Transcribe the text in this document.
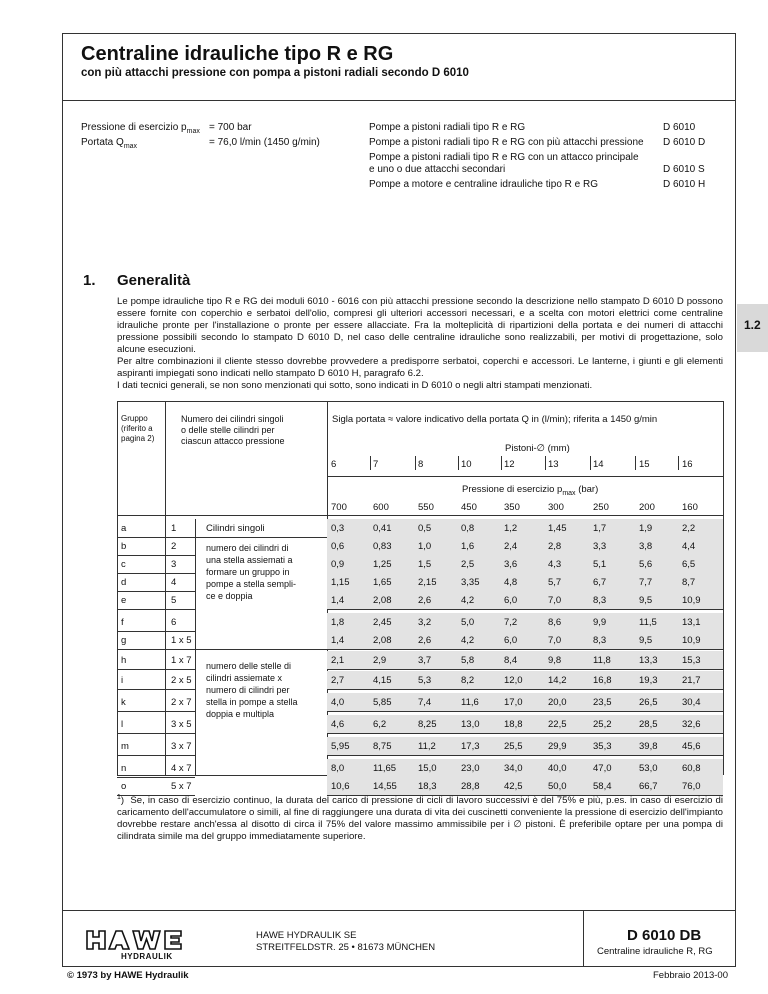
Centraline idrauliche tipo R e RG
con più attacchi pressione con pompa a pistoni radiali secondo D 6010
Pressione di esercizio $p_{max} = 700$ bar
Portata $Q_{max}$	= 76,0 l/min (1450 g/min)
Pompe a pistoni radiali tipo R e RG	D 6010
Pompe a pistoni radiali tipo R e RG con più attacchi pressione D 6010 D
Pompe a pistoni radiali tipo R e RG con un attacco principale
e uno o due attacchi secondari	D 6010 S
Pompe a motore e centraline idrauliche tipo R e RG	D 6010 H
1. Generalità

Le pompe idrauliche tipo R e RG dei moduli 6010 - 6016 con più attacchi pressione secondo la descrizione nello stampato D 6010 D possono essere fornite con coperchio e serbatoi dell'olio, compresi gli ulteriori accessori necessari, e a scelta con motori elettrici come centraline idrauliche pronte per l'installazione o pronte per essere allacciate. Fra la molteplicità di ripartizioni della portata e dei numeri di attacchi pressione possibili secondo lo stampato D 6010 D, nel caso delle centraline idrauliche sono realizzabili, per motivi di progettazione, solo alcune esecuzioni.

Per altre combinazioni il cliente stesso dovrebbe provvedere a predisporre serbatoi, coperchi e accessori. Le lanterne, i giunti e gli elementi aspiranti impiegati sono indicati nello stampato D 6010 H, paragrafo 6.2.

I dati tecnici generali, se non sono menzionati qui sotto, sono indicati in D 6010 o negli altri stampati menzionati.

1.2
Gruppo
(riferito a
pagina 2)
Numero dei cilindri singoli
o delle stelle cilindri per
ciascun attacco pressione
Sigla portata ≈ valore indicativo della portata Q in (l/min); riferita a 1450 g/min
Pistoni-∅ (mm)
6	7	8	10	12	13	14	15	16
Pressione di esercizio $p_{max}$ (bar)
700	600	550	450	350	300	250	200	160
a	1	0,3	0,41	0,5	0,8	1,2	1,45	1,7	1,9	2,2
b	2	0,6	0,83	1,0	1,6	2,4	2,8	3,3	3,8	4,4
c	3	0,9	1,25	1,5	2,5	3,6	4,3	5,1	5,6	6,5
d	4	1,15 1,65	2,15	3,35	4,8	5,7	6,7	7,7	8,7
e	5	1,4	2,08	2,6	4,2	6,0	7,0	8,3	9,5	10,9
f	6	1,8	2,45	3,2	5,0	7,2	8,6	9,9	11,5	13,1
g	1 x 5	1,4	2,08	2,6	4,2	6,0	7,0	8,3	9,5	10,9
h	1 x 7	2,1	2,9	3,7	5,8	8,4	9,8	11,8	13,3	15,3
i	2 x 5	2,7	4,15	5,3	8,2	12,0	14,2	16,8	19,3	21,7
k	2 x 7	4,0	5,85	7,4	11,6	17,0	20,0	23,5	26,5	30,4
l	3 x 5	4,6	6,2	8,25	13,0	18,8	22,5	25,2	28,5	32,6
m	3 x 7	5,95 8,75	11,2	17,3	25,5	29,9	35,3	39,8	45,6
n	4 x 7	8,0	11,65 15,0	23,0	34,0	40,0	47,0	53,0	60,8
o	5 x 7	10,6 14,55 18,3	28,8	42,5	50,0	58,4	66,7	76,0
Cilindri singoli
numero dei cilindri di
una stella assiemati a
formare un gruppo in
pompe a stella sempli-
ce e doppia
numero delle stelle di
cilindri assiemate x
numero di cilindri per
stella in pompe a stella
doppia e multipla
$^1$)  Se, in caso di esercizio continuo, la durata del carico di pressione di cicli di lavoro successivi è del 75% e più, p.es. in caso di esercizio di caricamento dell'accumulatore o simili, al fine di raggiungere una durata di vita dei cuscinetti conveniente la pressione di esercizio dell'impianto dovrebbe restare anch'essa al disotto di circa il 75% del valore massimo ammissibile per i ∅ pistoni. È preferibile optare per una pompa di cilindrata simile ma del gruppo immediatamente superiore.
HYDRAULIK
HAWE HYDRAULIK SE
STREITFELDSTR. 25 • 81673 MÜNCHEN
D 6010 DB
Centraline idrauliche R, RG
© 1973 by HAWE Hydraulik	Febbraio 2013-00
